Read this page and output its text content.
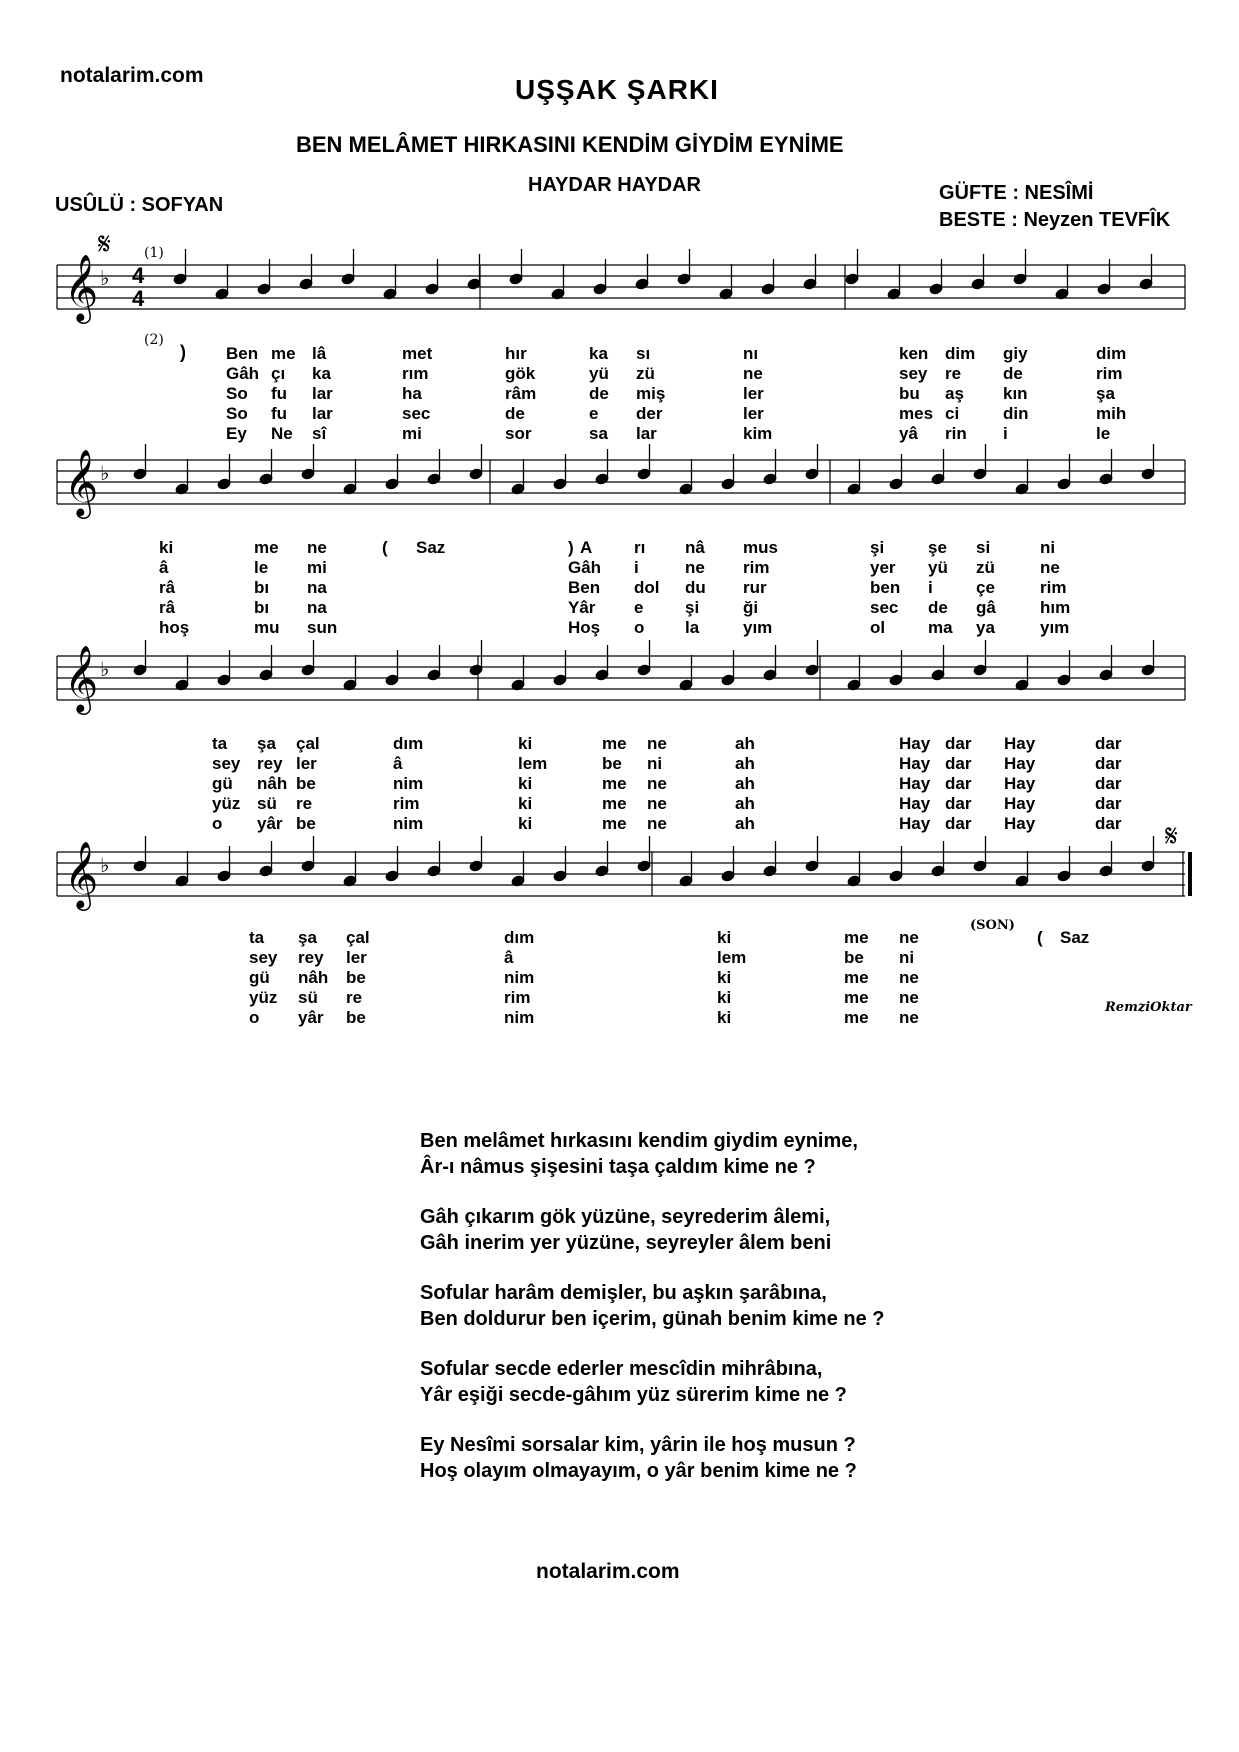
notalarim.com	UŞŞAK ŞARKI
BEN MELÂMET HIRKASINI KENDİM GİYDİM EYNİME
HAYDAR HAYDAR
USÛLÜ : SOFYAN
GÜFTE : NESÎMİ
BESTE : Neyzen TEVFÎK
𝄞 ♭
𝄞 ♭
𝄞 ♭
𝄞 ♭
4
4
𝄋
𝄋
(1)
(2)
)
(SON)
RemziOktar
Ben me lâ	met	hır	ka sı	nı	ken dim giy	dim
Gâh çı ka	rım	gök	yü zü	ne	sey re de	rim
So fu lar	ha	râm	de miş	ler	bu aş kın	şa
So fu lar	sec	de	e der	ler	mes ci	din	mih
Ey Ne sî	mi	sor	sa lar	kim	yâ rin i	le
ki	me ne	( Saz	) A rı nâ mus	şi	şe si	ni
â	le mi	Gâh i	ne rim	yer yü zü	ne
râ	bı na	Ben dol du rur	ben i	çe	rim
râ	bı na	Yâr e şi	ği	sec de gâ	hım
hoş	mu sun	Hoş o la	yım	ol	ma ya	yım
ta şa çal	dım	ki	me ne	ah	Hay dar Hay	dar
sey rey ler	â	lem	be ni	ah	Hay dar Hay	dar
gü nâh be	nim	ki	me ne	ah	Hay dar Hay	dar
yüz sü re	rim	ki	me ne	ah	Hay dar Hay	dar
o yâr be	nim	ki	me ne	ah	Hay dar Hay	dar
ta şa çal	dım	ki	me ne	( Saz
sey rey ler	â	lem	be ni
gü nâh be	nim	ki	me ne
yüz sü re	rim	ki	me ne
o yâr be	nim	ki	me ne

Ben melâmet hırkasını kendim giydim eynime,
Âr-ı nâmus şişesini taşa çaldım kime ne ?

Gâh çıkarım gök yüzüne, seyrederim âlemi,
Gâh inerim yer yüzüne, seyreyler âlem beni

Sofular harâm demişler, bu aşkın şarâbına,
Ben doldurur ben içerim, günah benim kime ne ?

Sofular secde ederler mescîdin mihrâbına,
Yâr eşiği secde-gâhım yüz sürerim kime ne ?

Ey Nesîmi sorsalar kim, yârin ile hoş musun ?
Hoş olayım olmayayım, o yâr benim kime ne ?

notalarim.com
